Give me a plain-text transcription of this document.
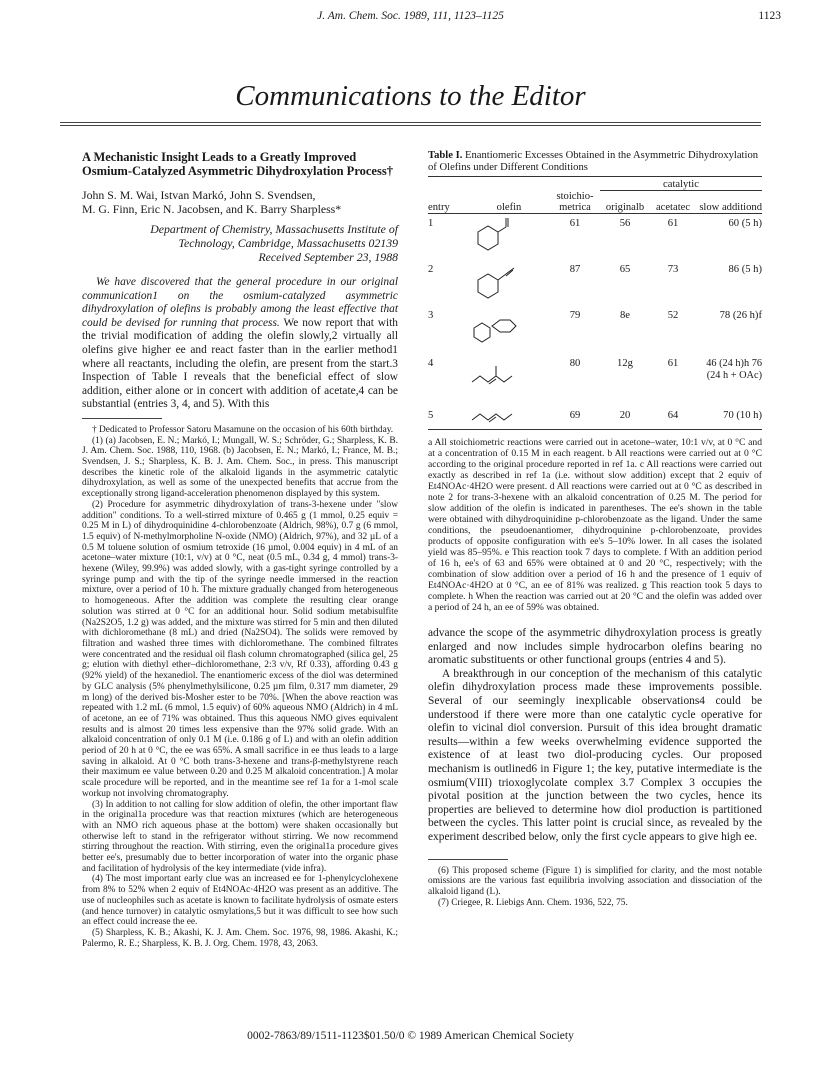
J. Am. Chem. Soc. 1989, 111, 1123–1125	1123
Communications to the Editor
A Mechanistic Insight Leads to a Greatly Improved Osmium-Catalyzed Asymmetric Dihydroxylation Process†
John S. M. Wai, Istvan Markó, John S. Svendsen,
M. G. Finn, Eric N. Jacobsen, and K. Barry Sharpless*
Department of Chemistry, Massachusetts Institute of
Technology, Cambridge, Massachusetts 02139
Received September 23, 1988

We have discovered that the general procedure in our original communication1 on the osmium-catalyzed asymmetric dihydroxylation of olefins is probably among the least effective that could be devised for running that process. We now report that with the trivial modification of adding the olefin slowly,2 virtually all olefins give higher ee and react faster than in the earlier method1 where all reactants, including the olefin, are present from the start.3 Inspection of Table I reveals that the beneficial effect of slow addition, either alone or in concert with addition of acetate,4 can be substantial (entries 3, 4, and 5). With this

† Dedicated to Professor Satoru Masamune on the occasion of his 60th birthday.

(1) (a) Jacobsen, E. N.; Markó, I.; Mungall, W. S.; Schröder, G.; Sharpless, K. B. J. Am. Chem. Soc. 1988, 110, 1968. (b) Jacobsen, E. N.; Markó, I.; France, M. B.; Svendsen, J. S.; Sharpless, K. B. J. Am. Chem. Soc., in press. This manuscript describes the kinetic role of the alkaloid ligands in the asymmetric catalytic dihydroxylation, as well as some of the unexpected benefits that accrue from the exceptionally strong ligand-acceleration phenomenon displayed by this system.

(2) Procedure for asymmetric dihydroxylation of trans-3-hexene under "slow addition" conditions. To a well-stirred mixture of 0.465 g (1 mmol, 0.25 equiv = 0.25 M in L) of dihydroquinidine 4-chlorobenzoate (Aldrich, 98%), 0.7 g (6 mmol, 1.5 equiv) of N-methylmorpholine N-oxide (NMO) (Aldrich, 97%), and 32 µL of a 0.5 M toluene solution of osmium tetroxide (16 µmol, 0.004 equiv) in 4 mL of an acetone–water mixture (10:1, v/v) at 0 °C, neat (0.5 mL, 0.34 g, 4 mmol) trans-3-hexene (Wiley, 99.9%) was added slowly, with a gas-tight syringe controlled by a syringe pump and with the tip of the syringe needle immersed in the reaction mixture, over a period of 10 h. The mixture gradually changed from heterogeneous to homogeneous. After the addition was complete the resulting clear orange solution was stirred at 0 °C for an additional hour. Solid sodium metabisulfite (Na2S2O5, 1.2 g) was added, and the mixture was stirred for 5 min and then diluted with dichloromethane (8 mL) and dried (Na2SO4). The solids were removed by filtration and washed three times with dichloromethane. The combined filtrates were concentrated and the residual oil flash column chromatographed (silica gel, 25 g; elution with diethyl ether–dichloromethane, 2:3 v/v, Rf 0.33), affording 0.43 g (92% yield) of the hexanediol. The enantiomeric excess of the diol was determined by GLC analysis (5% phenylmethylsilicone, 0.25 µm film, 0.317 mm diameter, 29 m long) of the derived bis-Mosher ester to be 70%. [When the above reaction was repeated with 1.2 mL (6 mmol, 1.5 equiv) of 60% aqueous NMO (Aldrich) in 4 mL of acetone, an ee of 71% was obtained. Thus this aqueous NMO gives equivalent results and is almost 20 times less expensive than the 97% solid grade. With an alkaloid concentration of only 0.1 M (i.e. 0.186 g of L) and with an olefin addition period of 20 h at 0 °C, the ee was 65%. A small sacrifice in ee thus leads to a large saving in alkaloid. At 0 °C both trans-3-hexene and trans-β-methylstyrene reach their maximum ee value between 0.20 and 0.25 M alkaloid concentration.] A molar scale procedure will be reported, and in the meantime see ref 1a for a 1-mol scale workup not involving chromatography.

(3) In addition to not calling for slow addition of olefin, the other important flaw in the original1a procedure was that reaction mixtures (which are heterogeneous with an NMO rich aqueous phase at the bottom) were shaken occasionally but otherwise left to stand in the refrigerator without stirring. We now recommend stirring throughout the reaction. With stirring, even the original1a procedure gives better ee's, presumably due to better incorporation of water into the organic phase and facilitation of hydrolysis of the key intermediate (vide infra).

(4) The most important early clue was an increased ee for 1-phenylcyclohexene from 8% to 52% when 2 equiv of Et4NOAc·4H2O was present as an additive. The use of nucleophiles such as acetate is known to facilitate hydrolysis of osmate esters (and hence turnover) in catalytic osmylations,5 but it was difficult to see how such an effect could increase the ee.

(5) Sharpless, K. B.; Akashi, K. J. Am. Chem. Soc. 1976, 98, 1986. Akashi, K.; Palermo, R. E.; Sharpless, K. B. J. Org. Chem. 1978, 43, 2063.

Table I. Enantiomeric Excesses Obtained in the Asymmetric Dihydroxylation of Olefins under Different Conditions

			catalytic		
entry	olefin	stoichio-metrica	originalb	acetatec	slow additiond

1		61	56	61	60 (5 h)
2		87	65	73	86 (5 h)
3		79	8e	52	78 (26 h)f
4		80	12g	61	46 (24 h)h 76 (24 h + OAc)
5		69	20	64	70 (10 h)

a All stoichiometric reactions were carried out in acetone–water, 10:1 v/v, at 0 °C and at a concentration of 0.15 M in each reagent. b All reactions were carried out at 0 °C according to the original procedure reported in ref 1a. c All reactions were carried out exactly as described in ref 1a (i.e. without slow addition) except that 2 equiv of Et4NOAc·4H2O were present. d All reactions were carried out at 0 °C as described in note 2 for trans-3-hexene with an alkaloid concentration of 0.25 M. The period for slow addition of the olefin is indicated in parentheses. The ee's shown in the table were obtained with dihydroquinidine p-chlorobenzoate as the ligand. Under the same conditions, the pseudoenantiomer, dihydroquinine p-chlorobenzoate, provides products of opposite configuration with ee's 5–10% lower. In all cases the isolated yield was 85–95%. e This reaction took 7 days to complete. f With an addition period of 16 h, ee's of 63 and 65% were obtained at 0 and 20 °C, respectively; with the combination of slow addition over a period of 16 h and the presence of 1 equiv of Et4NOAc·4H2O at 0 °C, an ee of 81% was realized. g This reaction took 5 days to complete. h When the reaction was carried out at 20 °C and the olefin was added over a period of 24 h, an ee of 59% was obtained.

advance the scope of the asymmetric dihydroxylation process is greatly enlarged and now includes simple hydrocarbon olefins bearing no aromatic substituents or other functional groups (entries 4 and 5).

A breakthrough in our conception of the mechanism of this catalytic olefin dihydroxylation process made these improvements possible. Several of our seemingly inexplicable observations4 could be understood if there were more than one catalytic cycle operative for olefin to vicinal diol conversion. Pursuit of this idea brought dramatic results—within a few weeks overwhelming evidence supported the existence of at least two diol-producing cycles. Our proposed mechanism is outlined6 in Figure 1; the key, putative intermediate is the osmium(VIII) trioxoglycolate complex 3.7 Complex 3 occupies the pivotal position at the junction between the two cycles, hence its properties are believed to determine how diol production is partitioned between the cycles. This latter point is crucial since, as revealed by the experiment described below, only the first cycle appears to give high ee.

(6) This proposed scheme (Figure 1) is simplified for clarity, and the most notable omissions are the various fast equilibria involving association and dissociation of the alkaloid ligand (L).

(7) Criegee, R. Liebigs Ann. Chem. 1936, 522, 75.

0002-7863/89/1511-1123$01.50/0 © 1989 American Chemical Society
